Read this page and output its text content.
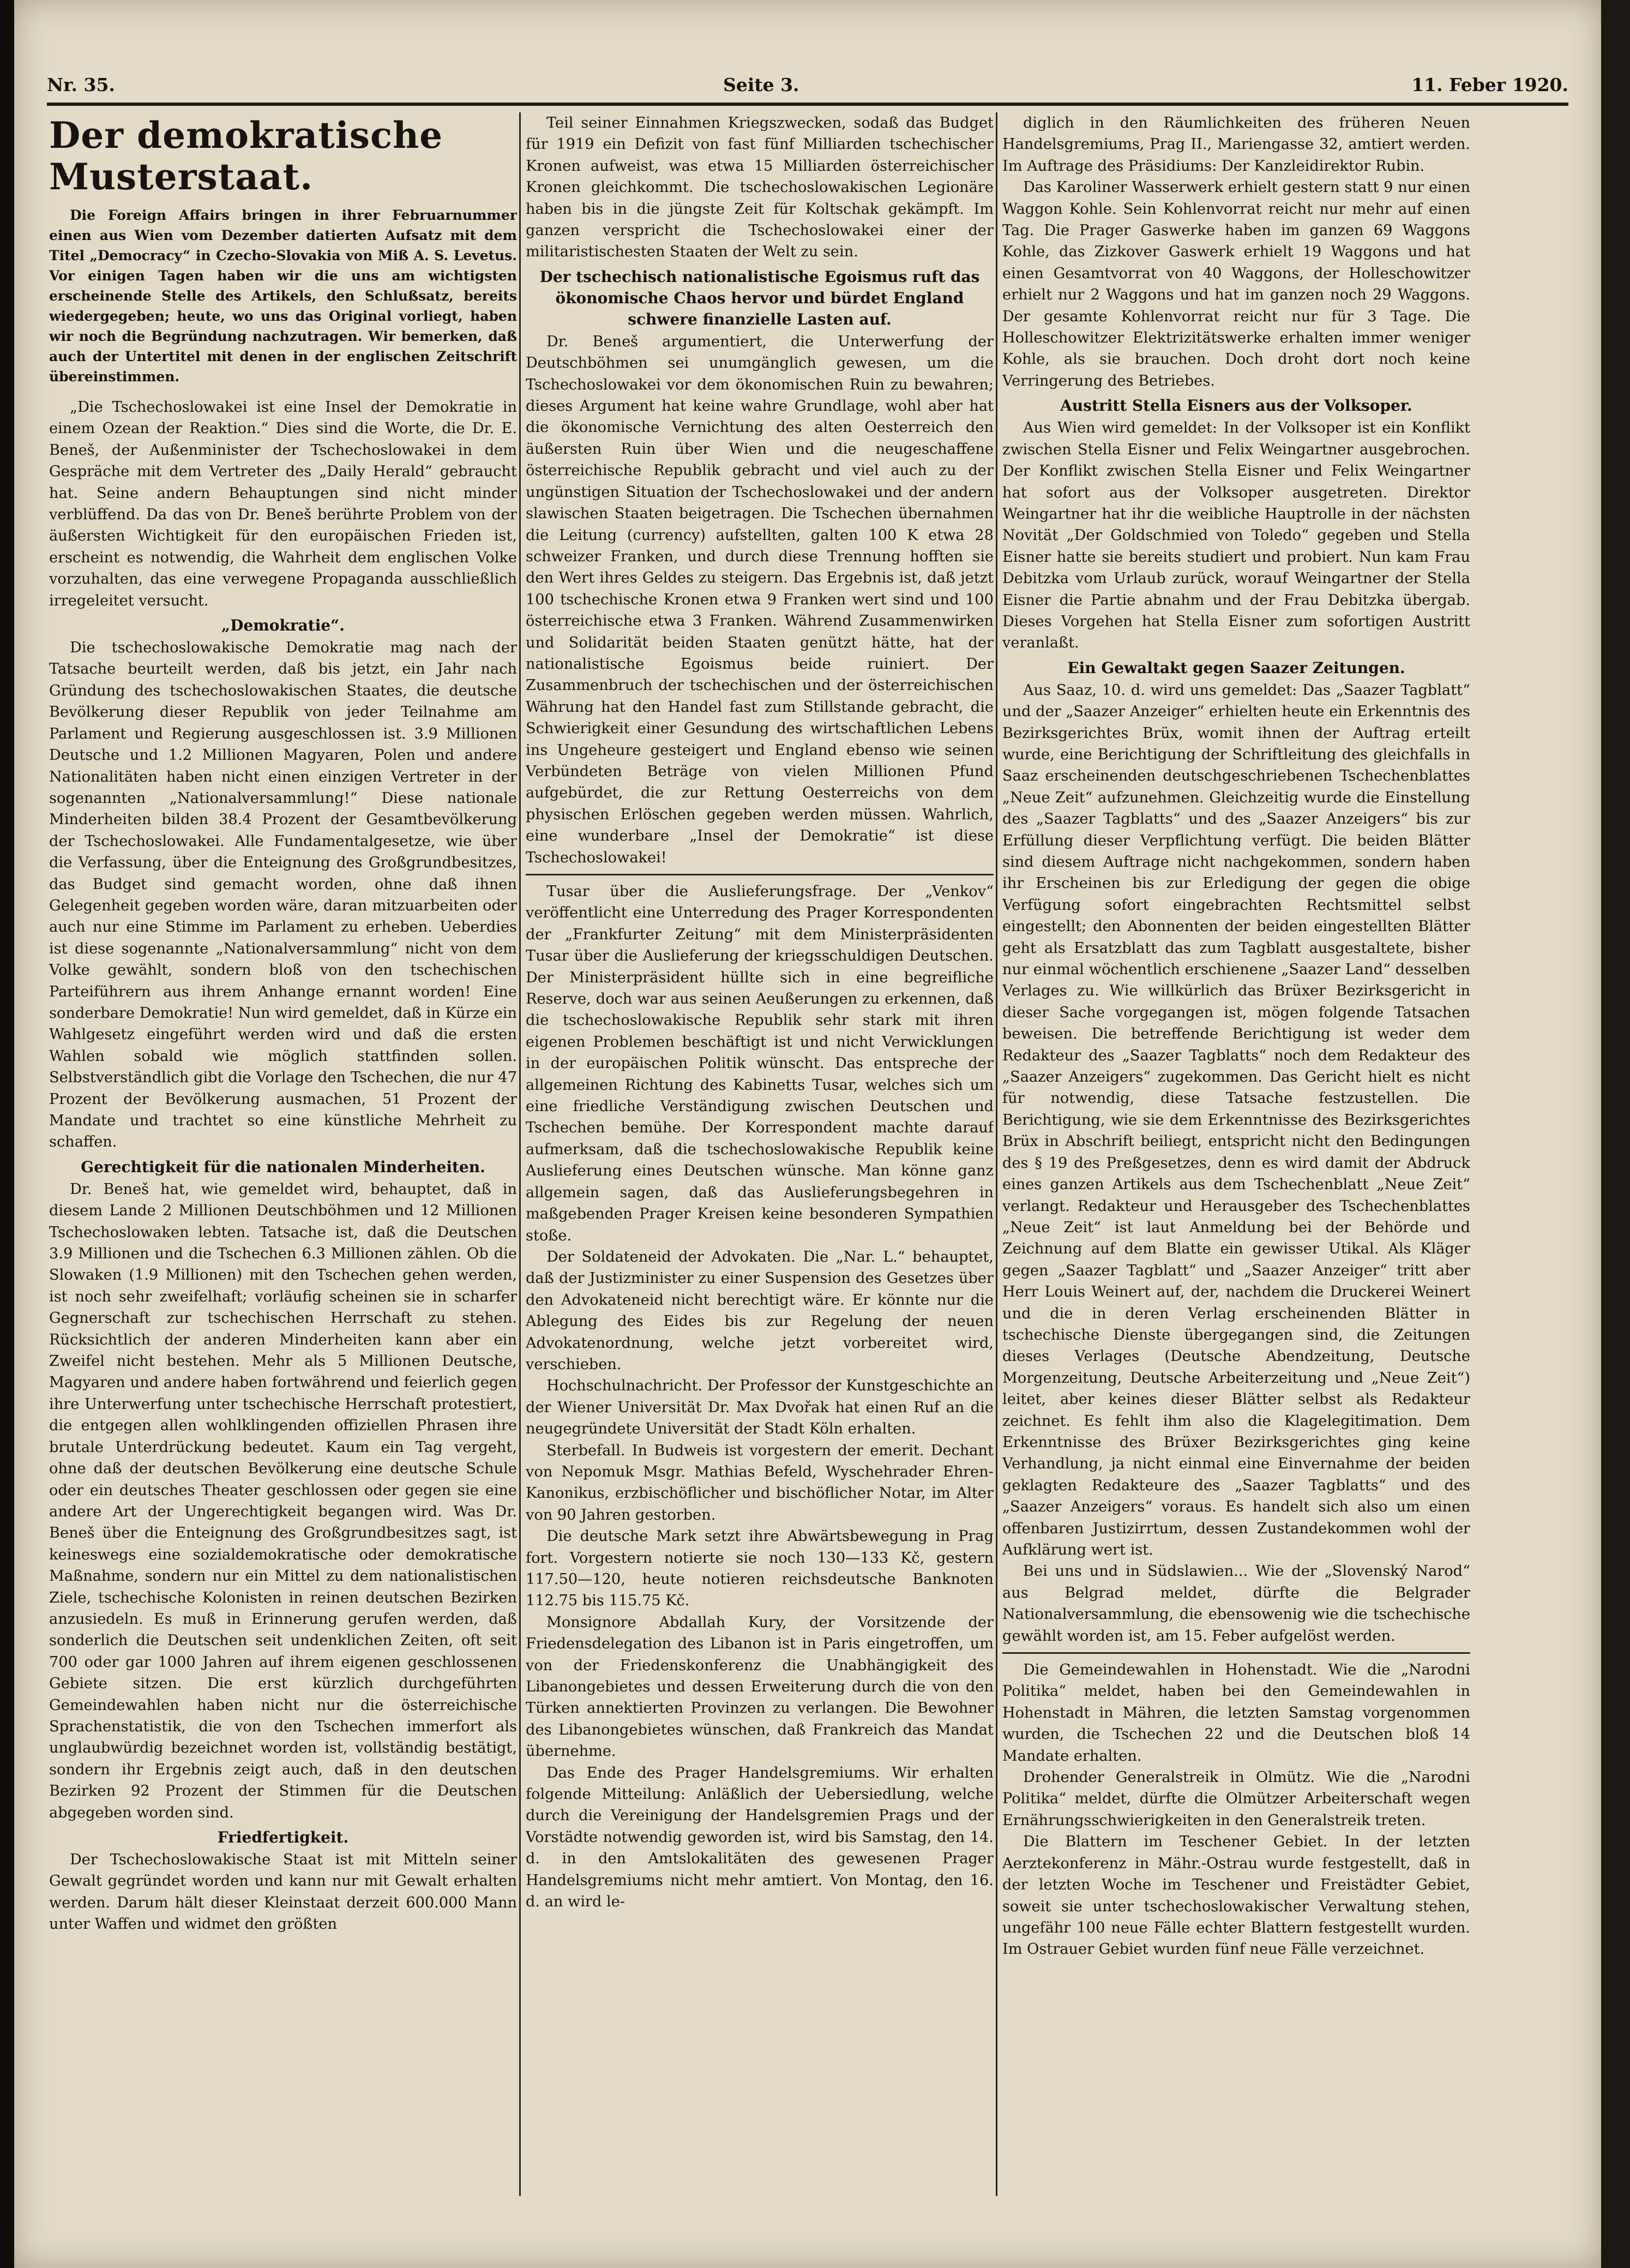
Nr. 35.	Seite 3.	11. Feber 1920.
Der demokratische Musterstaat.

Die Foreign Affairs bringen in ihrer Februarnummer einen aus Wien vom Dezember datierten Aufsatz mit dem Titel „Democracy“ in Czecho-Slovakia von Miß A. S. Levetus. Vor einigen Tagen haben wir die uns am wichtigsten erscheinende Stelle des Artikels, den Schlußsatz, bereits wiedergegeben; heute, wo uns das Original vorliegt, haben wir noch die Begründung nachzutragen. Wir bemerken, daß auch der Untertitel mit denen in der englischen Zeitschrift übereinstimmen.

„Die Tschechoslowakei ist eine Insel der Demokratie in einem Ozean der Reaktion.“ Dies sind die Worte, die Dr. E. Beneš, der Außenminister der Tschechoslowakei in dem Gespräche mit dem Vertreter des „Daily Herald“ gebraucht hat. Seine andern Behauptungen sind nicht minder verblüffend. Da das von Dr. Beneš berührte Problem von der äußersten Wichtigkeit für den europäischen Frieden ist, erscheint es notwendig, die Wahrheit dem englischen Volke vorzuhalten, das eine verwegene Propaganda ausschließlich irregeleitet versucht.

„Demokratie“.

Die tschechoslowakische Demokratie mag nach der Tatsache beurteilt werden, daß bis jetzt, ein Jahr nach Gründung des tschechoslowakischen Staates, die deutsche Bevölkerung dieser Republik von jeder Teilnahme am Parlament und Regierung ausgeschlossen ist. 3.9 Millionen Deutsche und 1.2 Millionen Magyaren, Polen und andere Nationalitäten haben nicht einen einzigen Vertreter in der sogenannten „Nationalversammlung!“ Diese nationale Minderheiten bilden 38.4 Prozent der Gesamtbevölkerung der Tschechoslowakei. Alle Fundamentalgesetze, wie über die Verfassung, über die Enteignung des Großgrundbesitzes, das Budget sind gemacht worden, ohne daß ihnen Gelegenheit gegeben worden wäre, daran mitzuarbeiten oder auch nur eine Stimme im Parlament zu erheben. Ueberdies ist diese sogenannte „Nationalversammlung“ nicht von dem Volke gewählt, sondern bloß von den tschechischen Parteiführern aus ihrem Anhange ernannt worden! Eine sonderbare Demokratie! Nun wird gemeldet, daß in Kürze ein Wahlgesetz eingeführt werden wird und daß die ersten Wahlen sobald wie möglich stattfinden sollen. Selbstverständlich gibt die Vorlage den Tschechen, die nur 47 Prozent der Bevölkerung ausmachen, 51 Prozent der Mandate und trachtet so eine künstliche Mehrheit zu schaffen.

Gerechtigkeit für die nationalen Minderheiten.

Dr. Beneš hat, wie gemeldet wird, behauptet, daß in diesem Lande 2 Millionen Deutschböhmen und 12 Millionen Tschechoslowaken lebten. Tatsache ist, daß die Deutschen 3.9 Millionen und die Tschechen 6.3 Millionen zählen. Ob die Slowaken (1.9 Millionen) mit den Tschechen gehen werden, ist noch sehr zweifelhaft; vorläufig scheinen sie in scharfer Gegnerschaft zur tschechischen Herrschaft zu stehen. Rücksichtlich der anderen Minderheiten kann aber ein Zweifel nicht bestehen. Mehr als 5 Millionen Deutsche, Magyaren und andere haben fortwährend und feierlich gegen ihre Unterwerfung unter tschechische Herrschaft protestiert, die entgegen allen wohlklingenden offiziellen Phrasen ihre brutale Unterdrückung bedeutet. Kaum ein Tag vergeht, ohne daß der deutschen Bevölkerung eine deutsche Schule oder ein deutsches Theater geschlossen oder gegen sie eine andere Art der Ungerechtigkeit begangen wird. Was Dr. Beneš über die Enteignung des Großgrundbesitzes sagt, ist keineswegs eine sozialdemokratische oder demokratische Maßnahme, sondern nur ein Mittel zu dem nationalistischen Ziele, tschechische Kolonisten in reinen deutschen Bezirken anzusiedeln. Es muß in Erinnerung gerufen werden, daß sonderlich die Deutschen seit undenklichen Zeiten, oft seit 700 oder gar 1000 Jahren auf ihrem eigenen geschlossenen Gebiete sitzen. Die erst kürzlich durchgeführten Gemeindewahlen haben nicht nur die österreichische Sprachenstatistik, die von den Tschechen immerfort als unglaubwürdig bezeichnet worden ist, vollständig bestätigt, sondern ihr Ergebnis zeigt auch, daß in den deutschen Bezirken 92 Prozent der Stimmen für die Deutschen abgegeben worden sind.

Friedfertigkeit.

Der Tschechoslowakische Staat ist mit Mitteln seiner Gewalt gegründet worden und kann nur mit Gewalt erhalten werden. Darum hält dieser Kleinstaat derzeit 600.000 Mann unter Waffen und widmet den größten

Teil seiner Einnahmen Kriegszwecken, sodaß das Budget für 1919 ein Defizit von fast fünf Milliarden tschechischer Kronen aufweist, was etwa 15 Milliarden österreichischer Kronen gleichkommt. Die tschechoslowakischen Legionäre haben bis in die jüngste Zeit für Koltschak gekämpft. Im ganzen verspricht die Tschechoslowakei einer der militaristischesten Staaten der Welt zu sein.

Der tschechisch nationalistische Egoismus ruft das ökonomische Chaos hervor und bürdet England schwere finanzielle Lasten auf.

Dr. Beneš argumentiert, die Unterwerfung der Deutschböhmen sei unumgänglich gewesen, um die Tschechoslowakei vor dem ökonomischen Ruin zu bewahren; dieses Argument hat keine wahre Grundlage, wohl aber hat die ökonomische Vernichtung des alten Oesterreich den äußersten Ruin über Wien und die neugeschaffene österreichische Republik gebracht und viel auch zu der ungünstigen Situation der Tschechoslowakei und der andern slawischen Staaten beigetragen. Die Tschechen übernahmen die Leitung (currency) aufstellten, galten 100 K etwa 28 schweizer Franken, und durch diese Trennung hofften sie den Wert ihres Geldes zu steigern. Das Ergebnis ist, daß jetzt 100 tschechische Kronen etwa 9 Franken wert sind und 100 österreichische etwa 3 Franken. Während Zusammenwirken und Solidarität beiden Staaten genützt hätte, hat der nationalistische Egoismus beide ruiniert. Der Zusammenbruch der tschechischen und der österreichischen Währung hat den Handel fast zum Stillstande gebracht, die Schwierigkeit einer Gesundung des wirtschaftlichen Lebens ins Ungeheure gesteigert und England ebenso wie seinen Verbündeten Beträge von vielen Millionen Pfund aufgebürdet, die zur Rettung Oesterreichs von dem physischen Erlöschen gegeben werden müssen. Wahrlich, eine wunderbare „Insel der Demokratie“ ist diese Tschechoslowakei!

Tusar über die Auslieferungsfrage. Der „Venkov“ veröffentlicht eine Unterredung des Prager Korrespondenten der „Frankfurter Zeitung“ mit dem Ministerpräsidenten Tusar über die Auslieferung der kriegsschuldigen Deutschen. Der Ministerpräsident hüllte sich in eine begreifliche Reserve, doch war aus seinen Aeußerungen zu erkennen, daß die tschechoslowakische Republik sehr stark mit ihren eigenen Problemen beschäftigt ist und nicht Verwicklungen in der europäischen Politik wünscht. Das entspreche der allgemeinen Richtung des Kabinetts Tusar, welches sich um eine friedliche Verständigung zwischen Deutschen und Tschechen bemühe. Der Korrespondent machte darauf aufmerksam, daß die tschechoslowakische Republik keine Auslieferung eines Deutschen wünsche. Man könne ganz allgemein sagen, daß das Auslieferungsbegehren in maßgebenden Prager Kreisen keine besonderen Sympathien stoße.

Der Soldateneid der Advokaten. Die „Nar. L.“ behauptet, daß der Justizminister zu einer Suspension des Gesetzes über den Advokateneid nicht berechtigt wäre. Er könnte nur die Ablegung des Eides bis zur Regelung der neuen Advokatenordnung, welche jetzt vorbereitet wird, verschieben.

Hochschulnachricht. Der Professor der Kunstgeschichte an der Wiener Universität Dr. Max Dvořak hat einen Ruf an die neugegründete Universität der Stadt Köln erhalten.

Sterbefall. In Budweis ist vorgestern der emerit. Dechant von Nepomuk Msgr. Mathias Befeld, Wyschehrader Ehren-Kanonikus, erzbischöflicher und bischöflicher Notar, im Alter von 90 Jahren gestorben.

Die deutsche Mark setzt ihre Abwärtsbewegung in Prag fort. Vorgestern notierte sie noch 130—133 Kč, gestern 117.50—120, heute notieren reichsdeutsche Banknoten 112.75 bis 115.75 Kč.

Monsignore Abdallah Kury, der Vorsitzende der Friedensdelegation des Libanon ist in Paris eingetroffen, um von der Friedenskonferenz die Unabhängigkeit des Libanongebietes und dessen Erweiterung durch die von den Türken annektierten Provinzen zu verlangen. Die Bewohner des Libanongebietes wünschen, daß Frankreich das Mandat übernehme.

Das Ende des Prager Handelsgremiums. Wir erhalten folgende Mitteilung: Anläßlich der Uebersiedlung, welche durch die Vereinigung der Handelsgremien Prags und der Vorstädte notwendig geworden ist, wird bis Samstag, den 14. d. in den Amtslokalitäten des gewesenen Prager Handelsgremiums nicht mehr amtiert. Von Montag, den 16. d. an wird le-

diglich in den Räumlichkeiten des früheren Neuen Handelsgremiums, Prag II., Mariengasse 32, amtiert werden. Im Auftrage des Präsidiums: Der Kanzleidirektor Rubin.

Das Karoliner Wasserwerk erhielt gestern statt 9 nur einen Waggon Kohle. Sein Kohlenvorrat reicht nur mehr auf einen Tag. Die Prager Gaswerke haben im ganzen 69 Waggons Kohle, das Zizkover Gaswerk erhielt 19 Waggons und hat einen Gesamtvorrat von 40 Waggons, der Holleschowitzer erhielt nur 2 Waggons und hat im ganzen noch 29 Waggons. Der gesamte Kohlenvorrat reicht nur für 3 Tage. Die Holleschowitzer Elektrizitätswerke erhalten immer weniger Kohle, als sie brauchen. Doch droht dort noch keine Verringerung des Betriebes.

Austritt Stella Eisners aus der Volksoper.

Aus Wien wird gemeldet: In der Volksoper ist ein Konflikt zwischen Stella Eisner und Felix Weingartner ausgebrochen. Der Konflikt zwischen Stella Eisner und Felix Weingartner hat sofort aus der Volksoper ausgetreten. Direktor Weingartner hat ihr die weibliche Hauptrolle in der nächsten Novität „Der Goldschmied von Toledo“ gegeben und Stella Eisner hatte sie bereits studiert und probiert. Nun kam Frau Debitzka vom Urlaub zurück, worauf Weingartner der Stella Eisner die Partie abnahm und der Frau Debitzka übergab. Dieses Vorgehen hat Stella Eisner zum sofortigen Austritt veranlaßt.

Ein Gewaltakt gegen Saazer Zeitungen.

Aus Saaz, 10. d. wird uns gemeldet: Das „Saazer Tagblatt“ und der „Saazer Anzeiger“ erhielten heute ein Erkenntnis des Bezirksgerichtes Brüx, womit ihnen der Auftrag erteilt wurde, eine Berichtigung der Schriftleitung des gleichfalls in Saaz erscheinenden deutschgeschriebenen Tschechenblattes „Neue Zeit“ aufzunehmen. Gleichzeitig wurde die Einstellung des „Saazer Tagblatts“ und des „Saazer Anzeigers“ bis zur Erfüllung dieser Verpflichtung verfügt. Die beiden Blätter sind diesem Auftrage nicht nachgekommen, sondern haben ihr Erscheinen bis zur Erledigung der gegen die obige Verfügung sofort eingebrachten Rechtsmittel selbst eingestellt; den Abonnenten der beiden eingestellten Blätter geht als Ersatzblatt das zum Tagblatt ausgestaltete, bisher nur einmal wöchentlich erschienene „Saazer Land“ desselben Verlages zu. Wie willkürlich das Brüxer Bezirksgericht in dieser Sache vorgegangen ist, mögen folgende Tatsachen beweisen. Die betreffende Berichtigung ist weder dem Redakteur des „Saazer Tagblatts“ noch dem Redakteur des „Saazer Anzeigers“ zugekommen. Das Gericht hielt es nicht für notwendig, diese Tatsache festzustellen. Die Berichtigung, wie sie dem Erkenntnisse des Bezirksgerichtes Brüx in Abschrift beiliegt, entspricht nicht den Bedingungen des § 19 des Preßgesetzes, denn es wird damit der Abdruck eines ganzen Artikels aus dem Tschechenblatt „Neue Zeit“ verlangt. Redakteur und Herausgeber des Tschechenblattes „Neue Zeit“ ist laut Anmeldung bei der Behörde und Zeichnung auf dem Blatte ein gewisser Utikal. Als Kläger gegen „Saazer Tagblatt“ und „Saazer Anzeiger“ tritt aber Herr Louis Weinert auf, der, nachdem die Druckerei Weinert und die in deren Verlag erscheinenden Blätter in tschechische Dienste übergegangen sind, die Zeitungen dieses Verlages (Deutsche Abendzeitung, Deutsche Morgenzeitung, Deutsche Arbeiterzeitung und „Neue Zeit“) leitet, aber keines dieser Blätter selbst als Redakteur zeichnet. Es fehlt ihm also die Klagelegitimation. Dem Erkenntnisse des Brüxer Bezirksgerichtes ging keine Verhandlung, ja nicht einmal eine Einvernahme der beiden geklagten Redakteure des „Saazer Tagblatts“ und des „Saazer Anzeigers“ voraus. Es handelt sich also um einen offenbaren Justizirrtum, dessen Zustandekommen wohl der Aufklärung wert ist.

Bei uns und in Südslawien... Wie der „Slovenský Narod“ aus Belgrad meldet, dürfte die Belgrader Nationalversammlung, die ebensowenig wie die tschechische gewählt worden ist, am 15. Feber aufgelöst werden.

Die Gemeindewahlen in Hohenstadt. Wie die „Narodni Politika“ meldet, haben bei den Gemeindewahlen in Hohenstadt in Mähren, die letzten Samstag vorgenommen wurden, die Tschechen 22 und die Deutschen bloß 14 Mandate erhalten.

Drohender Generalstreik in Olmütz. Wie die „Narodni Politika“ meldet, dürfte die Olmützer Arbeiterschaft wegen Ernährungsschwierigkeiten in den Generalstreik treten.

Die Blattern im Teschener Gebiet. In der letzten Aerztekonferenz in Mähr.-Ostrau wurde festgestellt, daß in der letzten Woche im Teschener und Freistädter Gebiet, soweit sie unter tschechoslowakischer Verwaltung stehen, ungefähr 100 neue Fälle echter Blattern festgestellt wurden. Im Ostrauer Gebiet wurden fünf neue Fälle verzeichnet.
